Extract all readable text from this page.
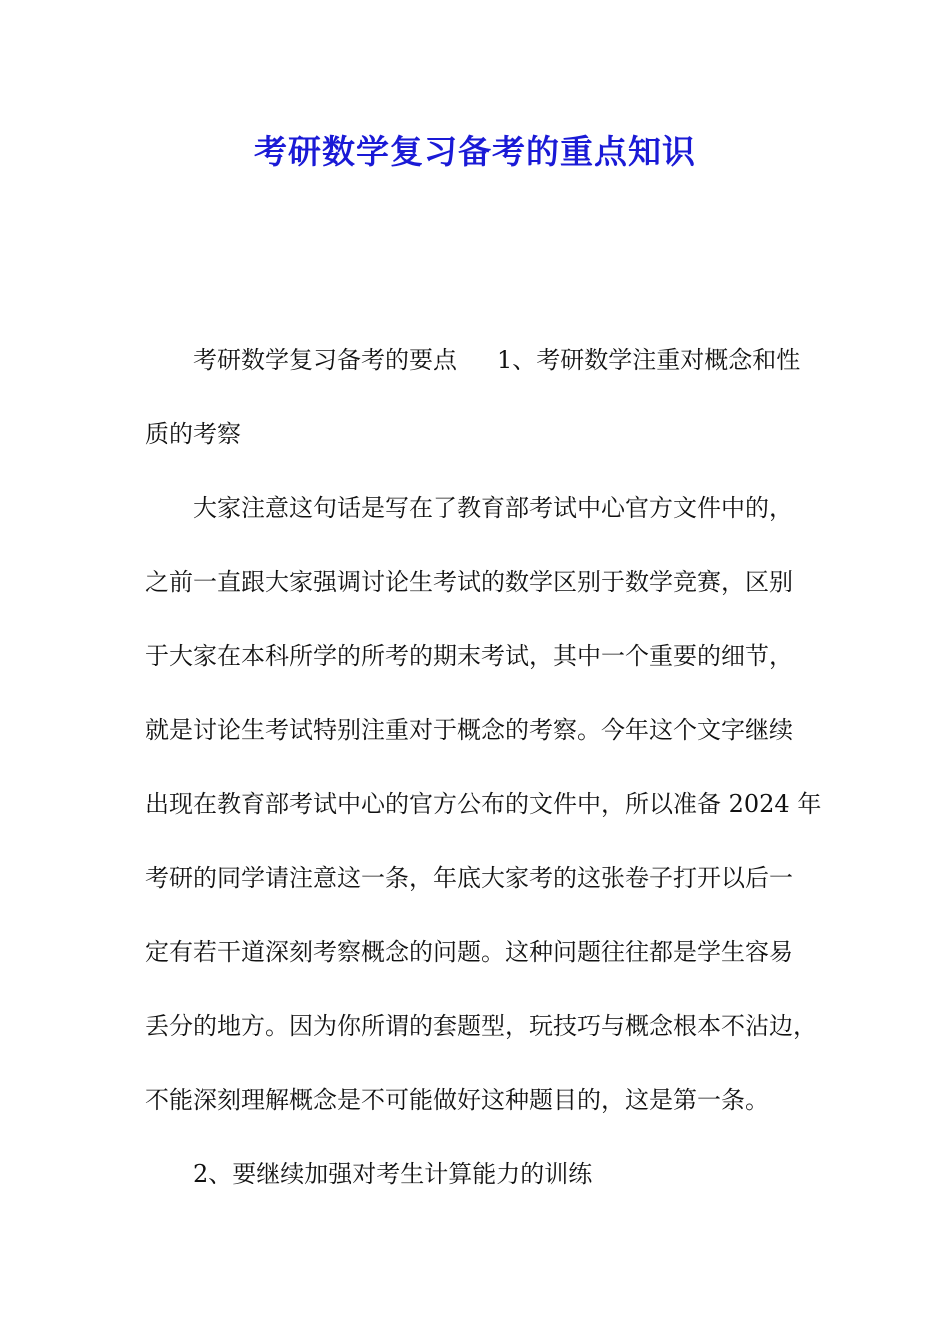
考研数学复习备考的重点知识
考研数学复习备考的要点 1、考研数学注重对概念和性
质的考察
大家注意这句话是写在了教育部考试中心官方文件中的，
之前一直跟大家强调讨论生考试的数学区别于数学竞赛，区别
于大家在本科所学的所考的期末考试，其中一个重要的细节，
就是讨论生考试特别注重对于概念的考察。今年这个文字继续
出现在教育部考试中心的官方公布的文件中，所以准备 2024 年
考研的同学请注意这一条，年底大家考的这张卷子打开以后一
定有若干道深刻考察概念的问题。这种问题往往都是学生容易
丢分的地方。因为你所谓的套题型，玩技巧与概念根本不沾边，
不能深刻理解概念是不可能做好这种题目的，这是第一条。
2、要继续加强对考生计算能力的训练
